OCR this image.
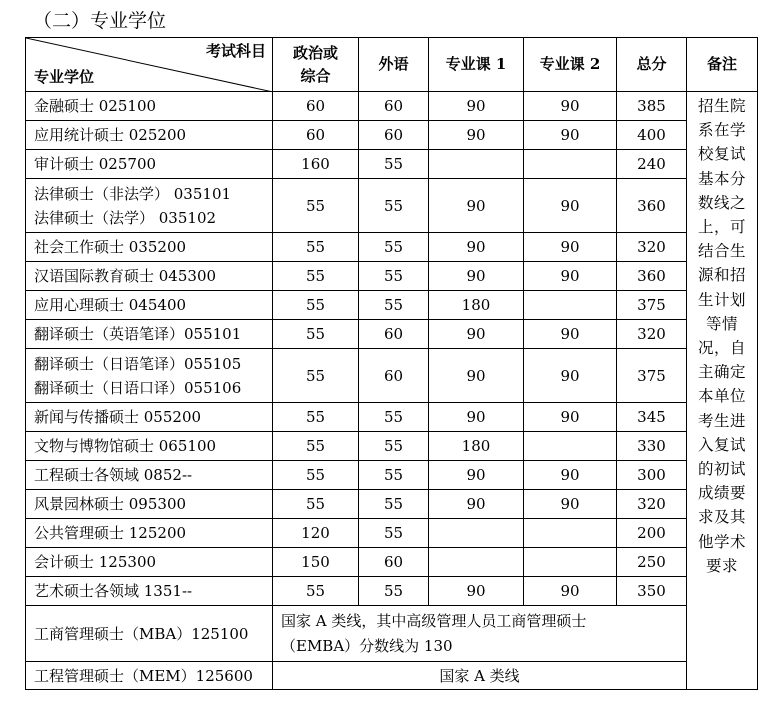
（二）专业学位
考试科目
专业学位	政治或综合	外语	专业课 1	专业课 2	总分	备注
金融硕士 025100	60	60	90	90	385	招生院系在学校复试基本分数线之上，可结合生源和招生计划等情况，自主确定本单位考生进入复试的初试成绩要求及其他学术要求

应用统计硕士 025200	60	60	90	90	400	
审计硕士 025700	160	55			240	

法律硕士（非法学） 035101
法律硕士（法学） 035102	55	55	90	90	360	
社会工作硕士 035200	55	55	90	90	320	
汉语国际教育硕士 045300	55	55	90	90	360	
应用心理硕士 045400	55	55	180		375	
翻译硕士（英语笔译）055101	55	60	90	90	320	

翻译硕士（日语笔译）055105
翻译硕士（日语口译）055106	55	60	90	90	375	
新闻与传播硕士 055200	55	55	90	90	345	
文物与博物馆硕士 065100	55	55	180		330	
工程硕士各领域 0852--	55	55	90	90	300	
风景园林硕士 095300	55	55	90	90	320	
公共管理硕士 125200	120	55			200	
会计硕士 125300	150	60			250	
艺术硕士各领域 1351--	55	55	90	90	350	
工商管理硕士（MBA）125100	国家 A 类线，其中高级管理人员工商管理硕士
（EMBA）分数线为 130					

工程管理硕士（MEM）125600	国家 A 类线					
